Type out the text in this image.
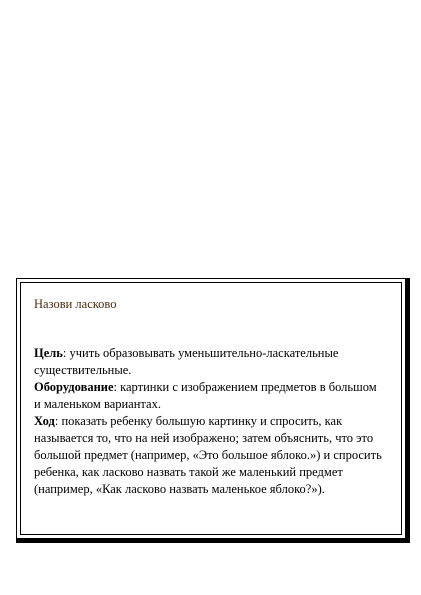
Назови ласково

Цель: учить образовывать уменьшительно-ласкательные существительные.

Оборудование: картинки с изображением предметов в большом и маленьком вариантах.

Ход: показать ребенку большую картинку и спросить, как называется то, что на ней изображено; затем объяснить, что это большой предмет (например, «Это большое яблоко.») и спросить ребенка, как ласково назвать такой же маленький предмет (например, «Как ласково назвать маленькое яблоко?»).
